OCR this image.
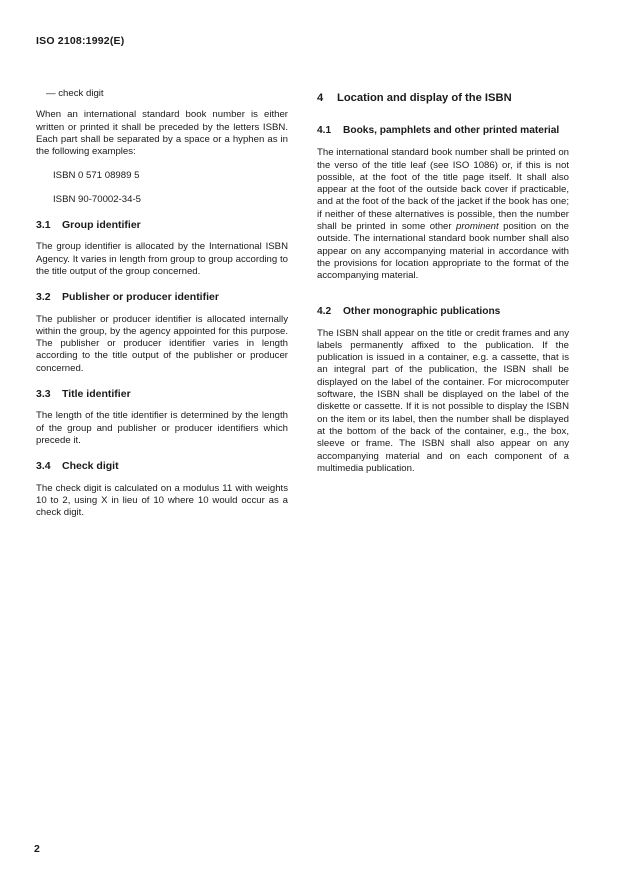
ISO 2108:1992(E)

— check digit

When an international standard book number is either written or printed it shall be preceded by the letters ISBN. Each part shall be separated by a space or a hyphen as in the following examples:

ISBN 0 571 08989 5

ISBN 90-70002-34-5

3.1 Group identifier

The group identifier is allocated by the International ISBN Agency. It varies in length from group to group according to the title output of the group concerned.

3.2 Publisher or producer identifier

The publisher or producer identifier is allocated internally within the group, by the agency appointed for this purpose. The publisher or producer identifier varies in length according to the title output of the publisher or producer concerned.

3.3 Title identifier

The length of the title identifier is determined by the length of the group and publisher or producer identifiers which precede it.

3.4 Check digit

The check digit is calculated on a modulus 11 with weights 10 to 2, using X in lieu of 10 where 10 would occur as a check digit.

4 Location and display of the ISBN
4.1 Books, pamphlets and other printed material

The international standard book number shall be printed on the verso of the title leaf (see ISO 1086) or, if this is not possible, at the foot of the title page itself. It shall also appear at the foot of the outside back cover if practicable, and at the foot of the back of the jacket if the book has one; if neither of these alternatives is possible, then the number shall be printed in some other prominent position on the outside. The international standard book number shall also appear on any accompanying material in accordance with the provisions for location appropriate to the format of the accompanying material.

4.2 Other monographic publications

The ISBN shall appear on the title or credit frames and any labels permanently affixed to the publication. If the publication is issued in a container, e.g. a cassette, that is an integral part of the publication, the ISBN shall be displayed on the label of the container. For microcomputer software, the ISBN shall be displayed on the label of the diskette or cassette. If it is not possible to display the ISBN on the item or its label, then the number shall be displayed at the bottom of the back of the container, e.g., the box, sleeve or frame. The ISBN shall also appear on any accompanying material and on each component of a multimedia publication.

2
